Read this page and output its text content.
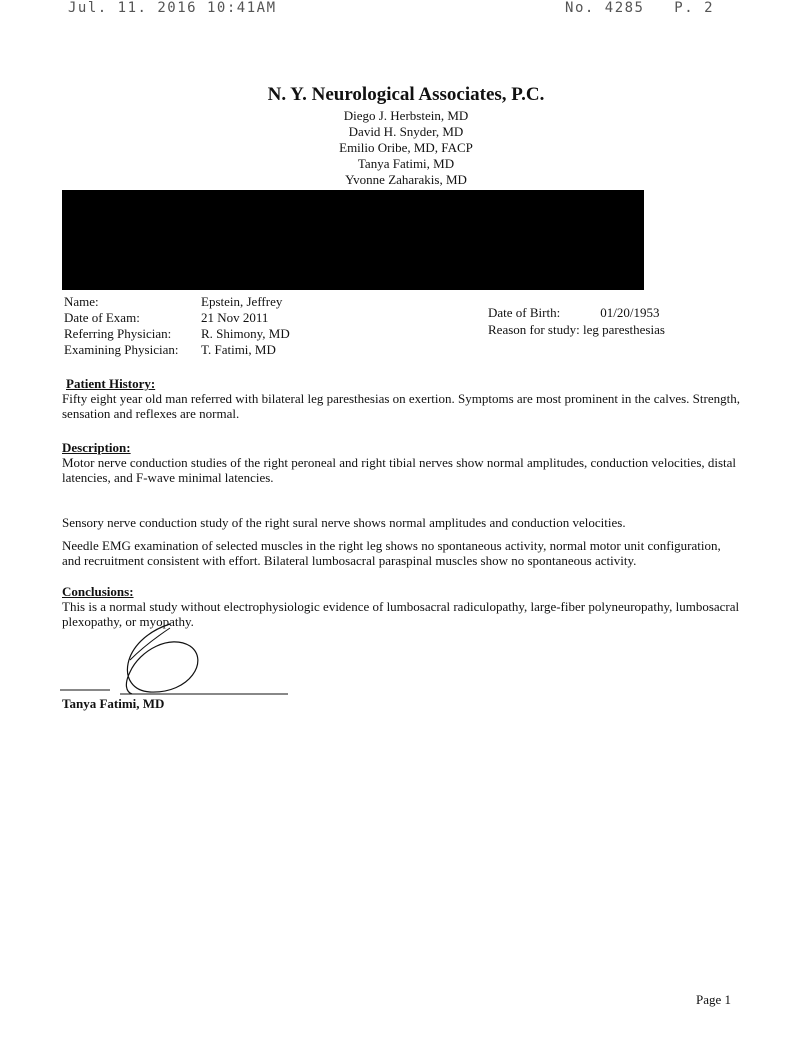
Jul. 11. 2016 10:41AM	No. 4285 P. 2
N. Y. Neurological Associates, P.C.
Diego J. Herbstein, MD
David H. Snyder, MD
Emilio Oribe, MD, FACP
Tanya Fatimi, MD
Yvonne Zaharakis, MD
Name:	Epstein, Jeffrey
Date of Exam:	21 Nov 2011
Referring Physician:	R. Shimony, MD
Examining Physician:	T. Fatimi, MD
Date of Birth:	01/20/1953
Reason for study: leg paresthesias
Patient History:

Fifty eight year old man referred with bilateral leg paresthesias on exertion. Symptoms are most prominent in the calves. Strength, sensation and reflexes are normal.

Description:

Motor nerve conduction studies of the right peroneal and right tibial nerves show normal amplitudes, conduction velocities, distal latencies, and F-wave minimal latencies.

Sensory nerve conduction study of the right sural nerve shows normal amplitudes and conduction velocities.

Needle EMG examination of selected muscles in the right leg shows no spontaneous activity, normal motor unit configuration, and recruitment consistent with effort. Bilateral lumbosacral paraspinal muscles show no spontaneous activity.

Conclusions:

This is a normal study without electrophysiologic evidence of lumbosacral radiculopathy, large-fiber polyneuropathy, lumbosacral plexopathy, or myopathy.

Tanya Fatimi, MD
Page 1
